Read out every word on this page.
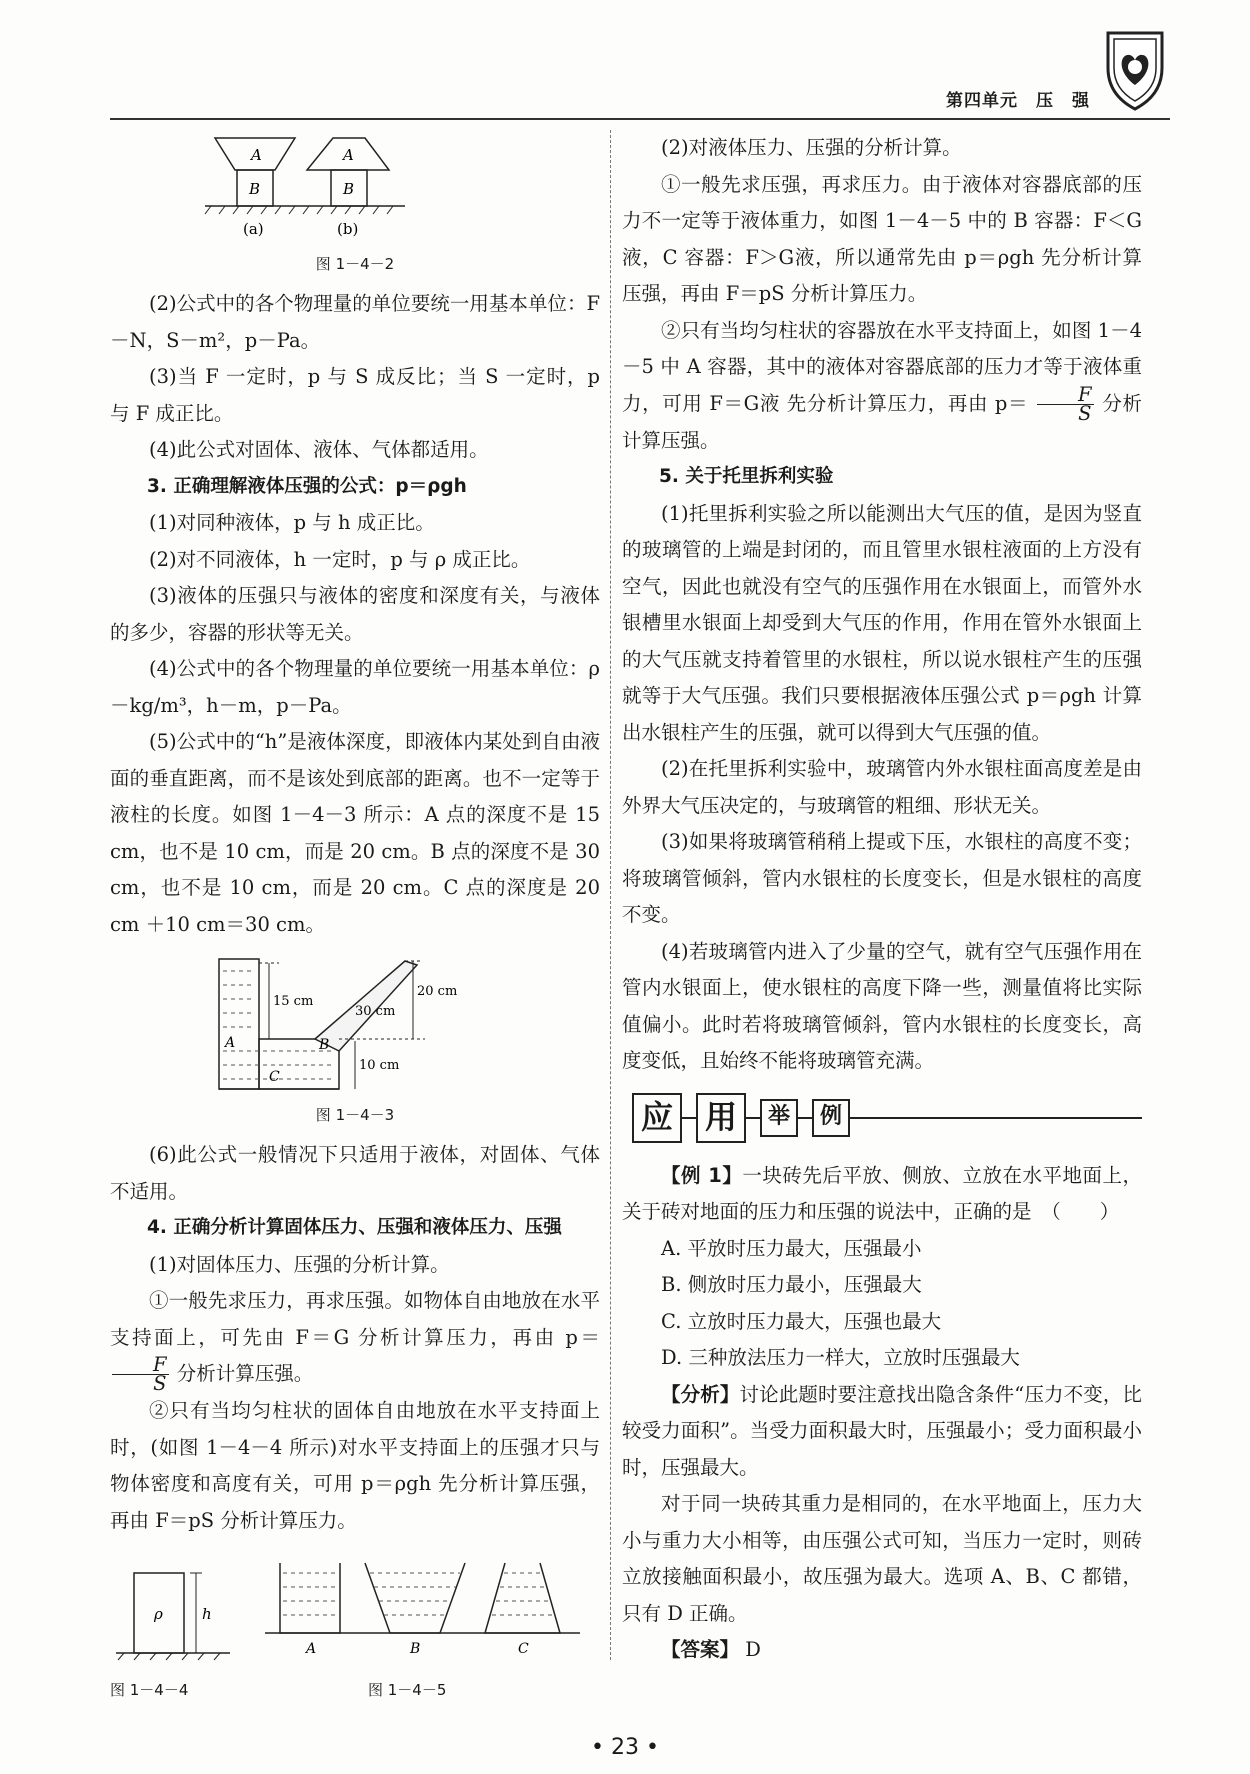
第四单元　压　强
A
B
A
B
(a)	(b)
图 1－4－2

(2)公式中的各个物理量的单位要统一用基本单位：F－N，S－m²，p－Pa。

(3)当 F 一定时，p 与 S 成反比；当 S 一定时，p 与 F 成正比。

(4)此公式对固体、液体、气体都适用。

3. 正确理解液体压强的公式：p＝ρgh

(1)对同种液体，p 与 h 成正比。

(2)对不同液体，h 一定时，p 与 ρ 成正比。

(3)液体的压强只与液体的密度和深度有关，与液体的多少，容器的形状等无关。

(4)公式中的各个物理量的单位要统一用基本单位：ρ－kg/m³，h－m，p－Pa。

(5)公式中的“h”是液体深度，即液体内某处到自由液面的垂直距离，而不是该处到底部的距离。也不一定等于液柱的长度。如图 1－4－3 所示：A 点的深度不是 15 cm，也不是 10 cm，而是 20 cm。B 点的深度不是 30 cm，也不是 10 cm，而是 20 cm。C 点的深度是 20 cm ＋10 cm＝30 cm。

15 cm
20 cm
30 cm
10 cm
A	B
C
图 1－4－3

(6)此公式一般情况下只适用于液体，对固体、气体不适用。

4. 正确分析计算固体压力、压强和液体压力、压强

(1)对固体压力、压强的分析计算。

①一般先求压力，再求压强。如物体自由地放在水平支持面上，可先由 F＝G 分析计算压力，再由 p＝
$\frac{F}{S}$ 分析计算压强。

②只有当均匀柱状的固体自由地放在水平支持面上时，(如图 1－4－4 所示)对水平支持面上的压强才只与物体密度和高度有关，可用 p＝ρgh 先分析计算压强，再由 F＝pS 分析计算压力。

ρ	h
图 1－4－4
A	B	C
图 1－4－5

(2)对液体压力、压强的分析计算。

①一般先求压强，再求压力。由于液体对容器底部的压力不一定等于液体重力，如图 1－4－5 中的 B 容器：F＜G液，C 容器：F＞G液，所以通常先由 p＝ρgh 先分析计算压强，再由 F＝pS 分析计算压力。

②只有当均匀柱状的容器放在水平支持面上，如图 1－4－5 中 A 容器，其中的液体对容器底部的压力才等于液体重力，可用 F＝G液 先分析计算压力，再由 $p= \frac{F}{S}$ 分析计算压强。

5. 关于托里拆利实验

(1)托里拆利实验之所以能测出大气压的值，是因为竖直的玻璃管的上端是封闭的，而且管里水银柱液面的上方没有空气，因此也就没有空气的压强作用在水银面上，而管外水银槽里水银面上却受到大气压的作用，作用在管外水银面上的大气压就支持着管里的水银柱，所以说水银柱产生的压强就等于大气压强。我们只要根据液体压强公式 p＝ρgh 计算出水银柱产生的压强，就可以得到大气压强的值。

(2)在托里拆利实验中，玻璃管内外水银柱面高度差是由外界大气压决定的，与玻璃管的粗细、形状无关。

(3)如果将玻璃管稍稍上提或下压，水银柱的高度不变；将玻璃管倾斜，管内水银柱的长度变长，但是水银柱的高度不变。

(4)若玻璃管内进入了少量的空气，就有空气压强作用在管内水银面上，使水银柱的高度下降一些，测量值将比实际值偏小。此时若将玻璃管倾斜，管内水银柱的长度变长，高度变低，且始终不能将玻璃管充满。

应 用	举	例

【例 1】一块砖先后平放、侧放、立放在水平地面上，关于砖对地面的压力和压强的说法中，正确的是　（　　）

A. 平放时压力最大，压强最小

B. 侧放时压力最小，压强最大

C. 立放时压力最大，压强也最大

D. 三种放法压力一样大，立放时压强最大

【分析】讨论此题时要注意找出隐含条件“压力不变，比较受力面积”。当受力面积最大时，压强最小；受力面积最小时，压强最大。

对于同一块砖其重力是相同的，在水平地面上，压力大小与重力大小相等，由压强公式可知，当压力一定时，则砖立放接触面积最小，故压强为最大。选项 A、B、C 都错，只有 D 正确。

【答案】 D

• 23 •
